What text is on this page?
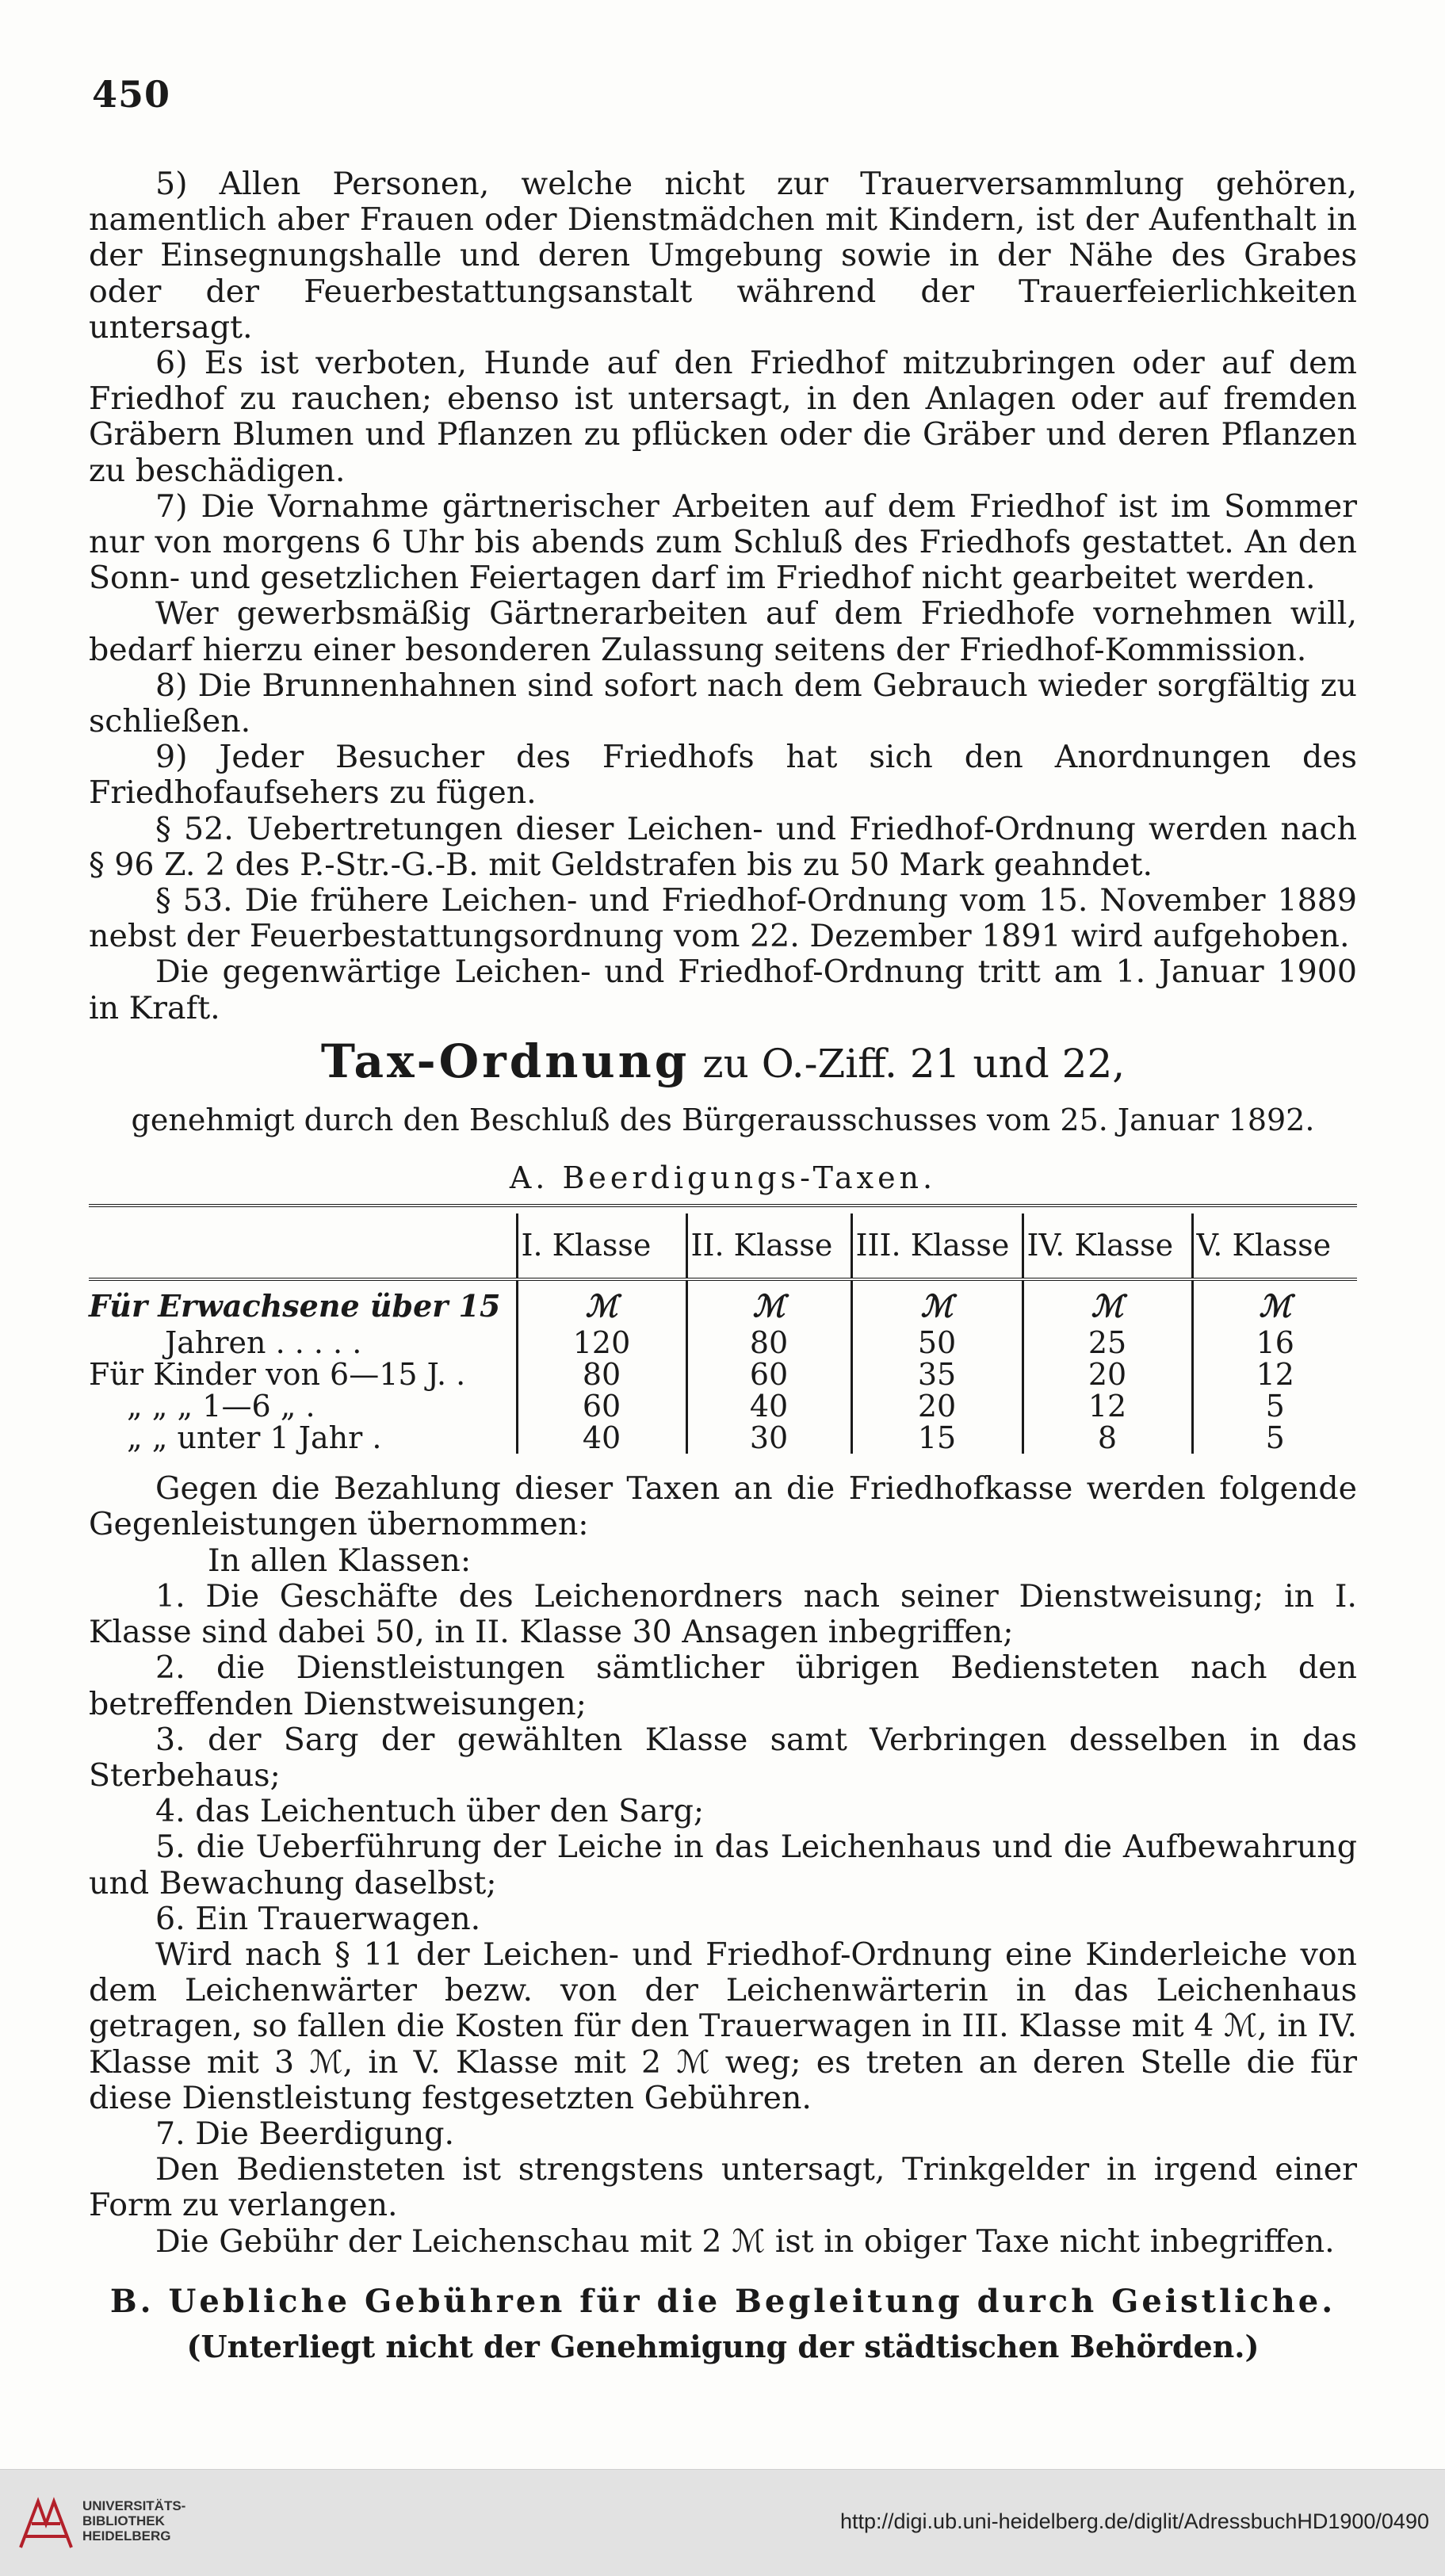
450

5) Allen Personen, welche nicht zur Trauerversammlung gehören, namentlich aber Frauen oder Dienstmädchen mit Kindern, ist der Aufenthalt in der Einsegnungshalle und deren Umgebung sowie in der Nähe des Grabes oder der Feuerbestattungsanstalt während der Trauerfeierlichkeiten untersagt.

6) Es ist verboten, Hunde auf den Friedhof mitzubringen oder auf dem Friedhof zu rauchen; ebenso ist untersagt, in den Anlagen oder auf fremden Gräbern Blumen und Pflanzen zu pflücken oder die Gräber und deren Pflanzen zu beschädigen.

7) Die Vornahme gärtnerischer Arbeiten auf dem Friedhof ist im Sommer nur von morgens 6 Uhr bis abends zum Schluß des Friedhofs gestattet. An den Sonn- und gesetzlichen Feiertagen darf im Friedhof nicht gearbeitet werden.

Wer gewerbsmäßig Gärtnerarbeiten auf dem Friedhofe vornehmen will, bedarf hierzu einer besonderen Zulassung seitens der Friedhof-Kommission.

8) Die Brunnenhahnen sind sofort nach dem Gebrauch wieder sorgfältig zu schließen.

9) Jeder Besucher des Friedhofs hat sich den Anordnungen des Friedhofaufsehers zu fügen.

§ 52. Uebertretungen dieser Leichen- und Friedhof-Ordnung werden nach § 96 Z. 2 des P.-Str.-G.-B. mit Geldstrafen bis zu 50 Mark geahndet.

§ 53. Die frühere Leichen- und Friedhof-Ordnung vom 15. November 1889 nebst der Feuerbestattungsordnung vom 22. Dezember 1891 wird aufgehoben.

Die gegenwärtige Leichen- und Friedhof-Ordnung tritt am 1. Januar 1900 in Kraft.

Tax-Ordnung zu O.-Ziff. 21 und 22,
genehmigt durch den Beschluß des Bürgerausschusses vom 25. Januar 1892.
A. Beerdigungs-Taxen.

	I. Klasse	II. Klasse	III. Klasse	IV. Klasse	V. Klasse
Für Erwachsene über 15	ℳ	ℳ	ℳ	ℳ	ℳ
Jahren . . . . .	120	80	50	25	16
Für Kinder von 6—15 J. .	80	60	35	20	12
„ „ „ 1—6 „ .	60	40	20	12	5
„ „ unter 1 Jahr .	40	30	15	8	5

Gegen die Bezahlung dieser Taxen an die Friedhofkasse werden folgende Gegenleistungen übernommen:

In allen Klassen:

1. Die Geschäfte des Leichenordners nach seiner Dienstweisung; in I. Klasse sind dabei 50, in II. Klasse 30 Ansagen inbegriffen;

2. die Dienstleistungen sämtlicher übrigen Bediensteten nach den betreffenden Dienstweisungen;

3. der Sarg der gewählten Klasse samt Verbringen desselben in das Sterbehaus;

4. das Leichentuch über den Sarg;

5. die Ueberführung der Leiche in das Leichenhaus und die Aufbewahrung und Bewachung daselbst;

6. Ein Trauerwagen.

Wird nach § 11 der Leichen- und Friedhof-Ordnung eine Kinderleiche von dem Leichenwärter bezw. von der Leichenwärterin in das Leichenhaus getragen, so fallen die Kosten für den Trauerwagen in III. Klasse mit 4 ℳ, in IV. Klasse mit 3 ℳ, in V. Klasse mit 2 ℳ weg; es treten an deren Stelle die für diese Dienstleistung festgesetzten Gebühren.

7. Die Beerdigung.

Den Bediensteten ist strengstens untersagt, Trinkgelder in irgend einer Form zu verlangen.

Die Gebühr der Leichenschau mit 2 ℳ ist in obiger Taxe nicht inbegriffen.

B. Uebliche Gebühren für die Begleitung durch Geistliche.
(Unterliegt nicht der Genehmigung der städtischen Behörden.)
UNIVERSITÄTS-
BIBLIOTHEK
HEIDELBERG
http://digi.ub.uni-heidelberg.de/diglit/AdressbuchHD1900/0490
